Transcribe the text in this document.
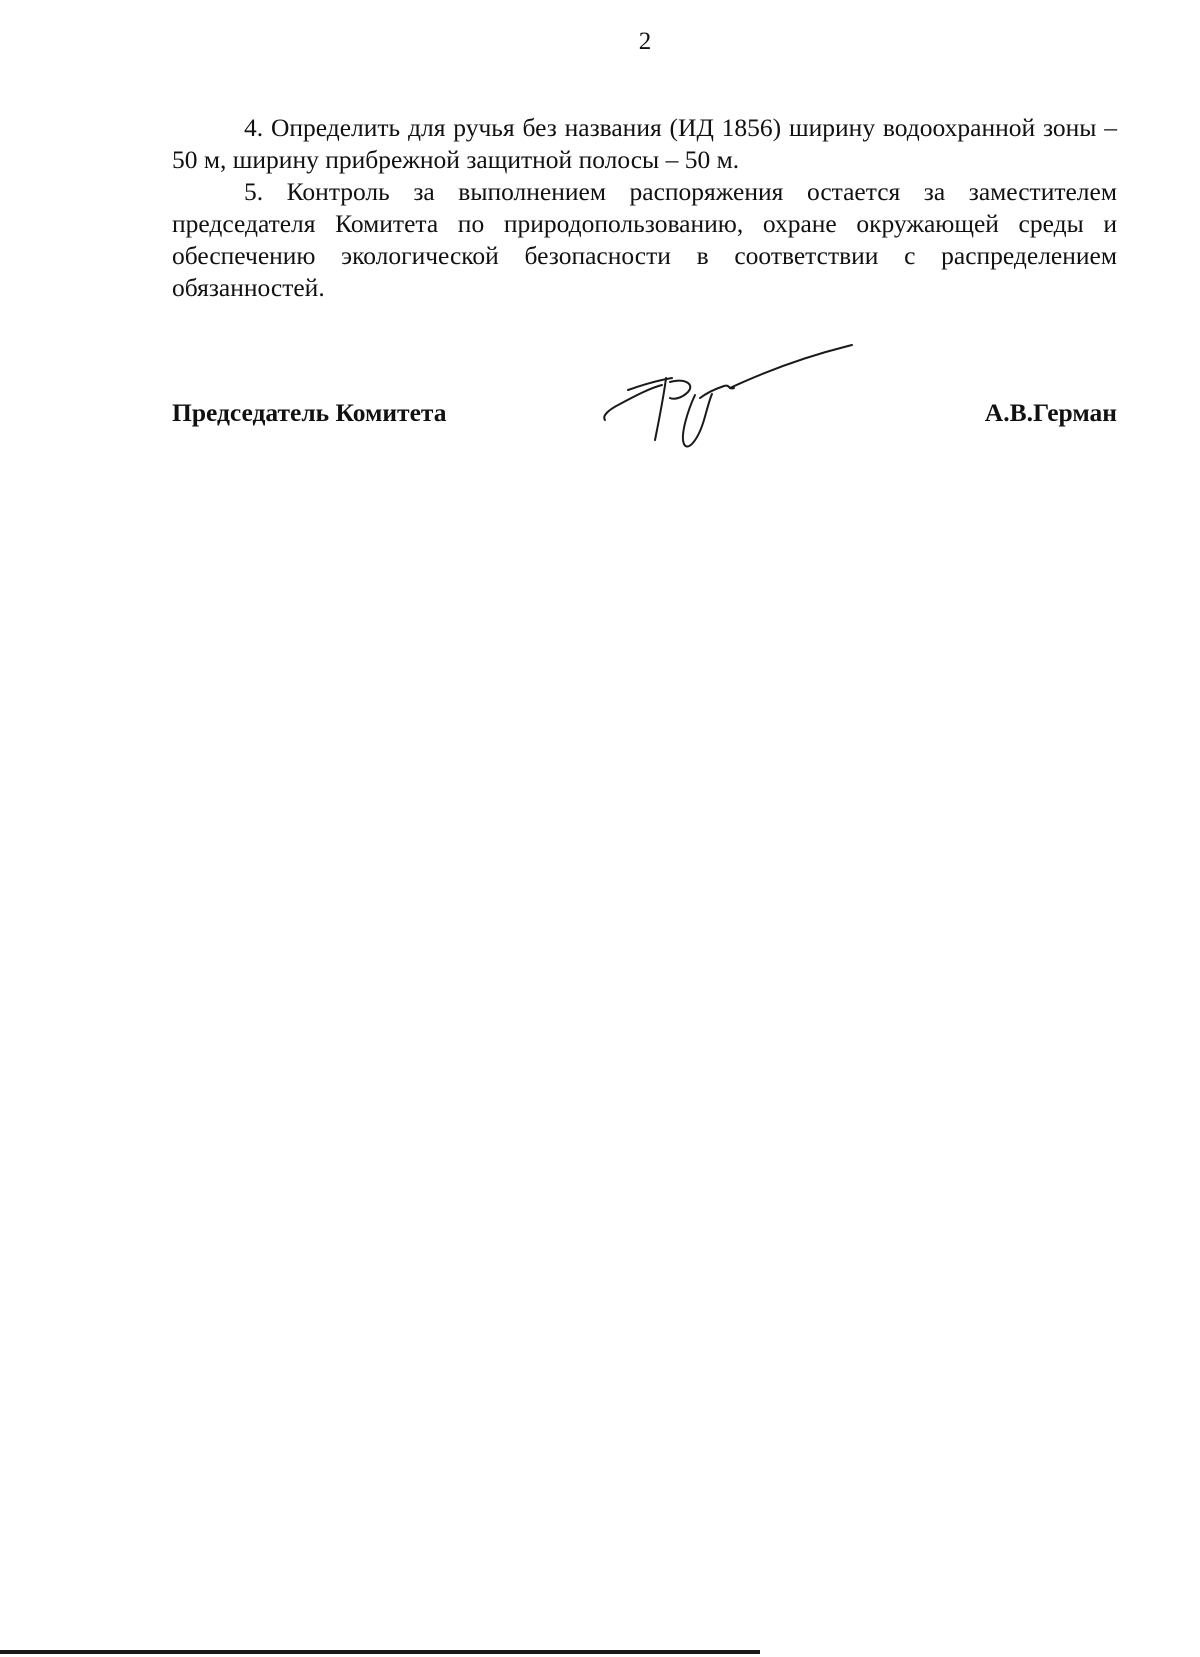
2

4. Определить для ручья без названия (ИД 1856) ширину водоохранной зоны – 50 м, ширину прибрежной защитной полосы – 50 м.

5. Контроль за выполнением распоряжения остается за заместителем председателя Комитета по природопользованию, охране окружающей среды и обеспечению экологической безопасности в соответствии с распределением обязанностей.

Председатель Комитета	А.В.Герман
